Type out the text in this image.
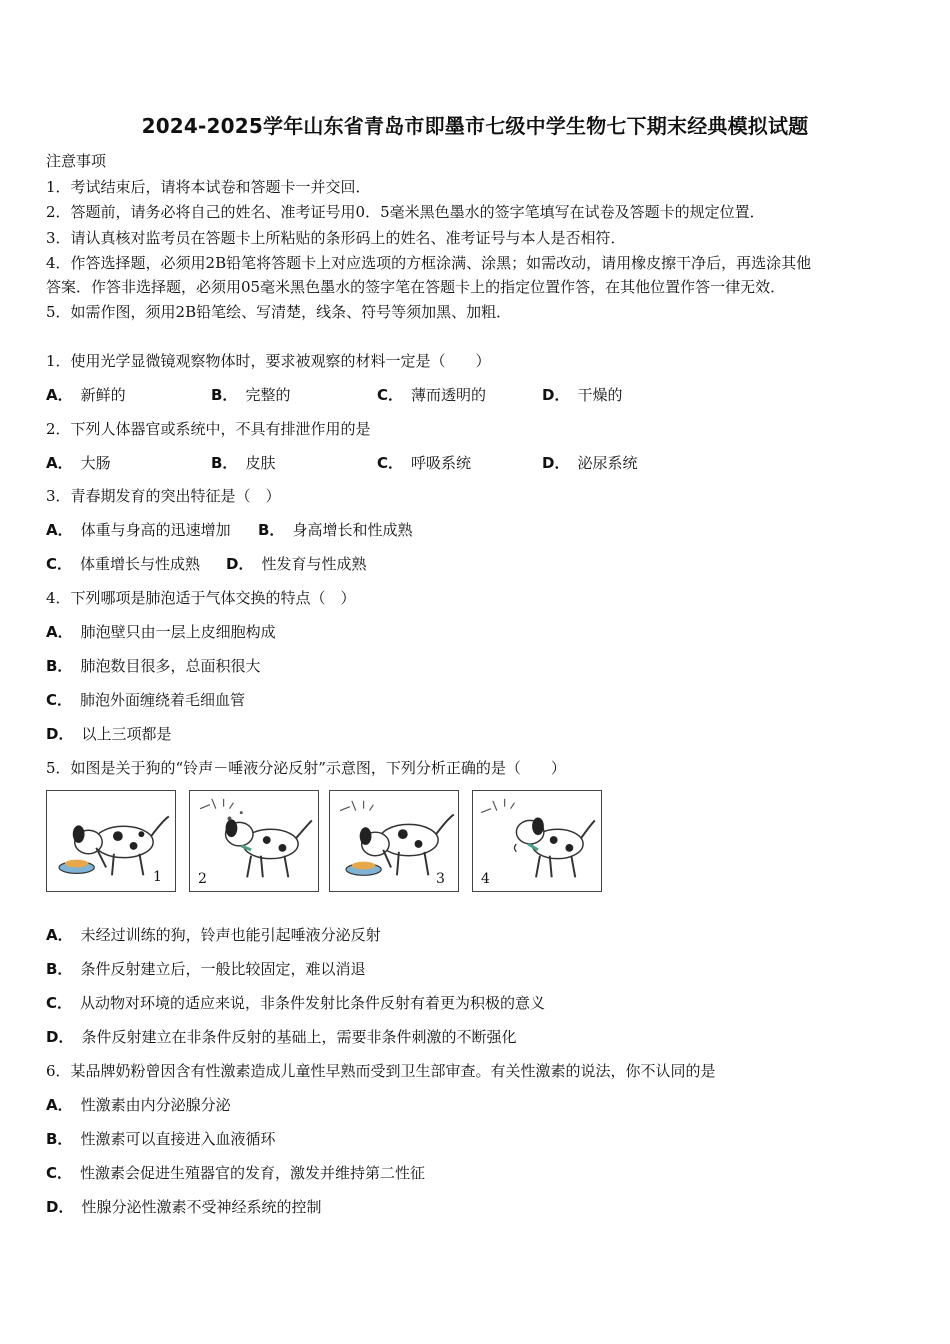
2024-2025学年山东省青岛市即墨市七级中学生物七下期末经典模拟试题
注意事项
1．考试结束后，请将本试卷和答题卡一并交回．
2．答题前，请务必将自己的姓名、准考证号用0．5毫米黑色墨水的签字笔填写在试卷及答题卡的规定位置．
3．请认真核对监考员在答题卡上所粘贴的条形码上的姓名、准考证号与本人是否相符．
4．作答选择题，必须用2B铅笔将答题卡上对应选项的方框涂满、涂黑；如需改动，请用橡皮擦干净后，再选涂其他
答案．作答非选择题，必须用05毫米黑色墨水的签字笔在答题卡上的指定位置作答，在其他位置作答一律无效．
5．如需作图，须用2B铅笔绘、写清楚，线条、符号等须加黑、加粗．
1．使用光学显微镜观察物体时，要求被观察的材料一定是（　　）
A． 新鲜的	B． 完整的	C． 薄而透明的	D． 干燥的
2．下列人体器官或系统中，不具有排泄作用的是
A． 大肠	B． 皮肤	C． 呼吸系统	D． 泌尿系统
3．青春期发育的突出特征是（　）
A． 体重与身高的迅速增加 B． 身高增长和性成熟
C． 体重增长与性成熟 D． 性发育与性成熟
4．下列哪项是肺泡适于气体交换的特点（　）
A． 肺泡壁只由一层上皮细胞构成
B． 肺泡数目很多，总面积很大
C． 肺泡外面缠绕着毛细血管
D． 以上三项都是
5．如图是关于狗的“铃声－唾液分泌反射”示意图，下列分析正确的是（　　）
1	2	3	4
A． 未经过训练的狗，铃声也能引起唾液分泌反射
B． 条件反射建立后，一般比较固定，难以消退
C． 从动物对环境的适应来说，非条件发射比条件反射有着更为积极的意义
D． 条件反射建立在非条件反射的基础上，需要非条件刺激的不断强化
6．某品牌奶粉曾因含有性激素造成儿童性早熟而受到卫生部审查。有关性激素的说法，你不认同的是
A． 性激素由内分泌腺分泌
B． 性激素可以直接进入血液循环
C． 性激素会促进生殖器官的发育，激发并维持第二性征
D． 性腺分泌性激素不受神经系统的控制
